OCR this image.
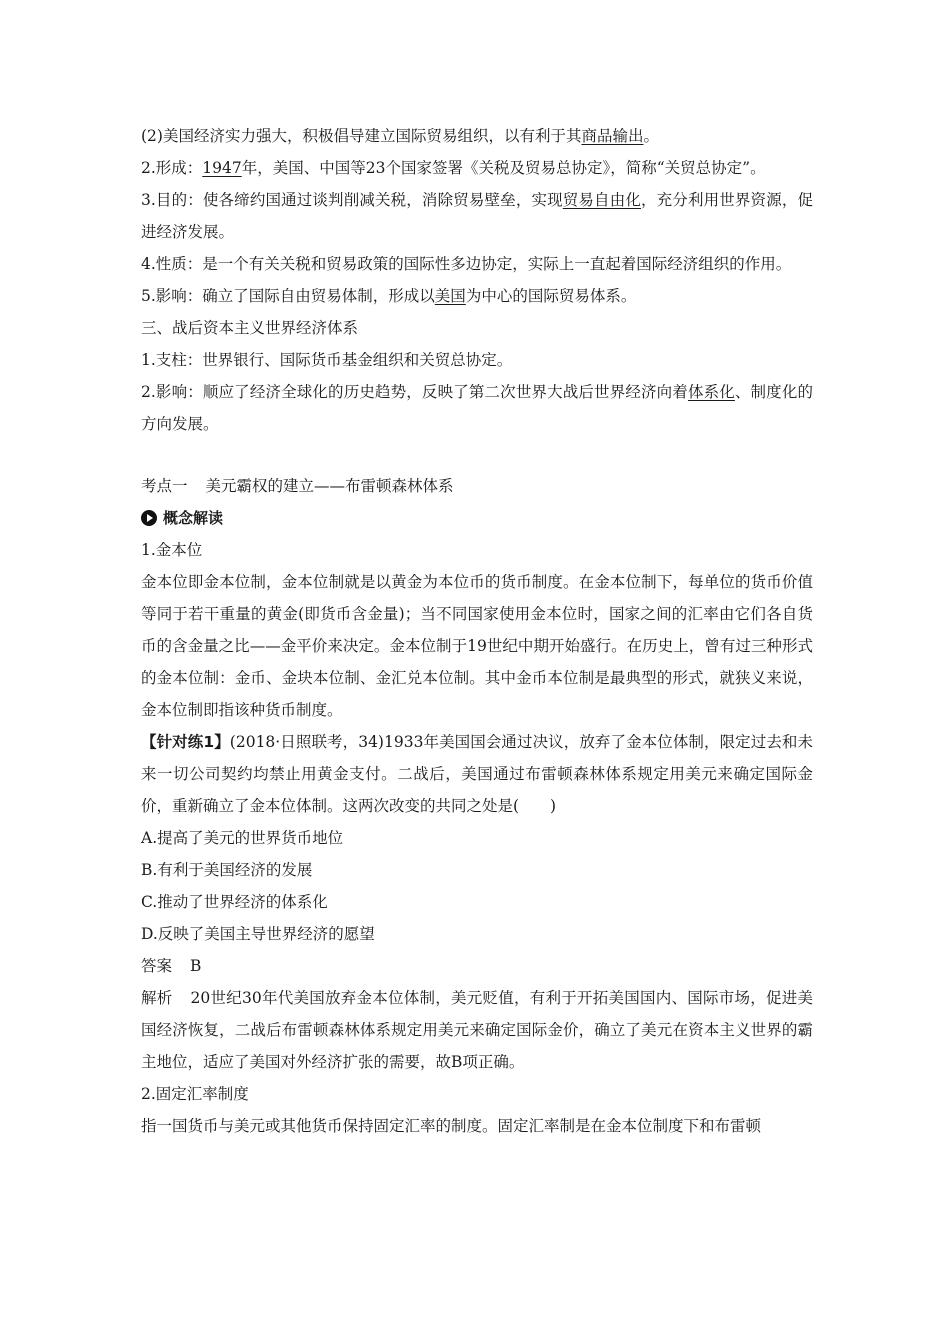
(2)美国经济实力强大，积极倡导建立国际贸易组织，以有利于其商品输出。

2.形成：1947年，美国、中国等23个国家签署《关税及贸易总协定》，简称“关贸总协定”。

3.目的：使各缔约国通过谈判削减关税，消除贸易壁垒，实现贸易自由化，充分利用世界资源，促进经济发展。

4.性质：是一个有关关税和贸易政策的国际性多边协定，实际上一直起着国际经济组织的作用。

5.影响：确立了国际自由贸易体制，形成以美国为中心的国际贸易体系。

三、战后资本主义世界经济体系

1.支柱：世界银行、国际货币基金组织和关贸总协定。

2.影响：顺应了经济全球化的历史趋势，反映了第二次世界大战后世界经济向着体系化、制度化的方向发展。

考点一 美元霸权的建立——布雷顿森林体系
概念解读

1.金本位

金本位即金本位制，金本位制就是以黄金为本位币的货币制度。在金本位制下，每单位的货币价值等同于若干重量的黄金(即货币含金量)；当不同国家使用金本位时，国家之间的汇率由它们各自货币的含金量之比——金平价来决定。金本位制于19世纪中期开始盛行。在历史上，曾有过三种形式的金本位制：金币、金块本位制、金汇兑本位制。其中金币本位制是最典型的形式，就狭义来说，金本位制即指该种货币制度。

【针对练1】(2018·日照联考，34)1933年美国国会通过决议，放弃了金本位体制，限定过去和未来一切公司契约均禁止用黄金支付。二战后，美国通过布雷顿森林体系规定用美元来确定国际金价，重新确立了金本位体制。这两次改变的共同之处是(　　)

A.提高了美元的世界货币地位

B.有利于美国经济的发展

C.推动了世界经济的体系化

D.反映了美国主导世界经济的愿望

答案 B

解析 20世纪30年代美国放弃金本位体制，美元贬值，有利于开拓美国国内、国际市场，促进美国经济恢复，二战后布雷顿森林体系规定用美元来确定国际金价，确立了美元在资本主义世界的霸主地位，适应了美国对外经济扩张的需要，故B项正确。

2.固定汇率制度

指一国货币与美元或其他货币保持固定汇率的制度。固定汇率制是在金本位制度下和布雷顿
